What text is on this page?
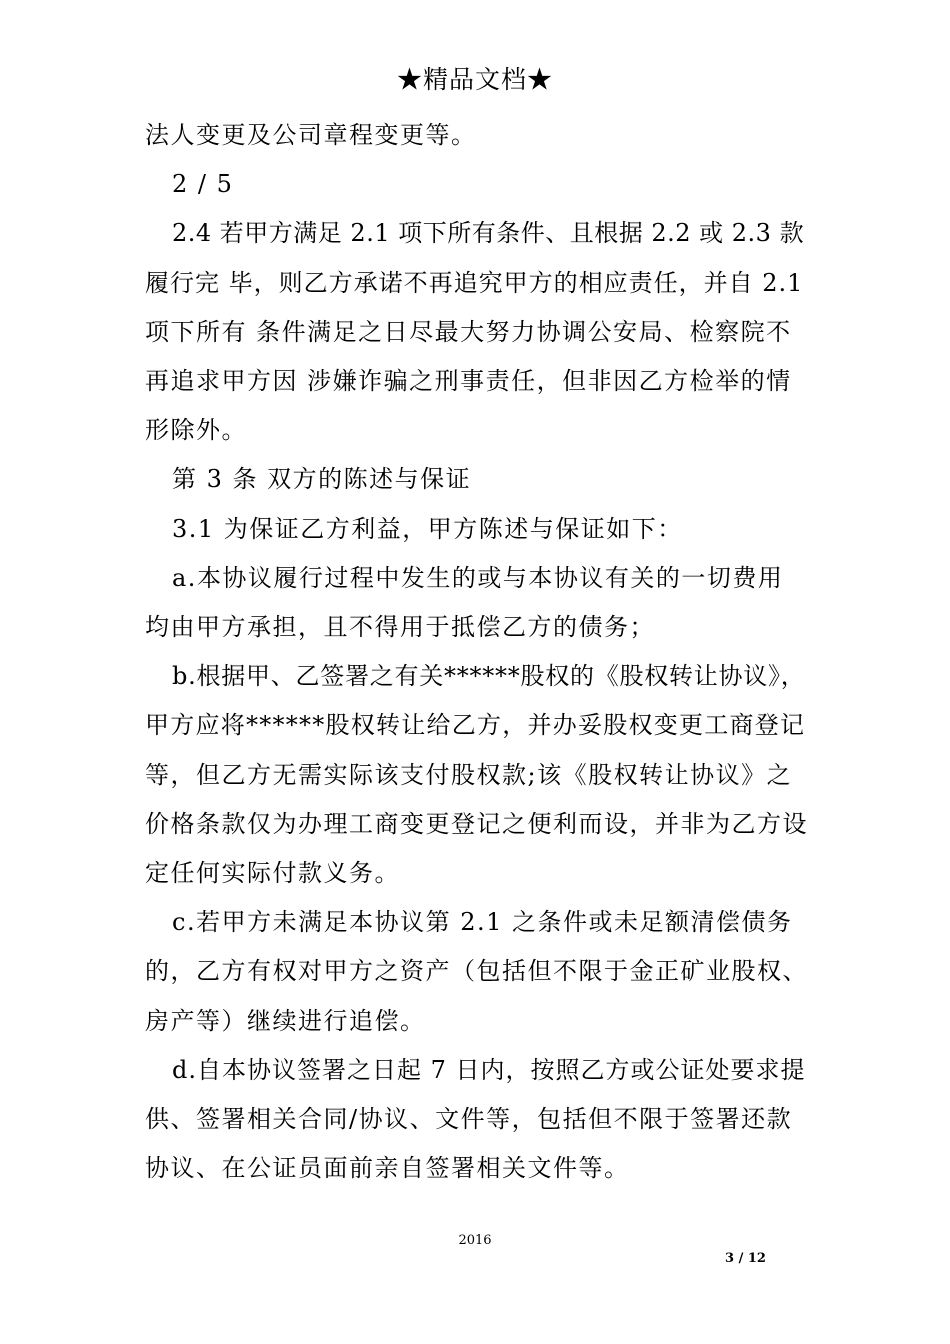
★精品文档★
法人变更及公司章程变更等。
2 / 5
2.4 若甲方满足 2.1 项下所有条件、且根据 2.2 或 2.3 款
履行完 毕，则乙方承诺不再追究甲方的相应责任，并自 2.1
项下所有 条件满足之日尽最大努力协调公安局、检察院不
再追求甲方因 涉嫌诈骗之刑事责任，但非因乙方检举的情
形除外。
第 3 条 双方的陈述与保证
3.1 为保证乙方利益，甲方陈述与保证如下：
a.本协议履行过程中发生的或与本协议有关的一切费用
均由甲方承担，且不得用于抵偿乙方的债务；
b.根据甲、乙签署之有关******股权的《股权转让协议》，
甲方应将******股权转让给乙方，并办妥股权变更工商登记
等，但乙方无需实际该支付股权款;该《股权转让协议》之
价格条款仅为办理工商变更登记之便利而设，并非为乙方设
定任何实际付款义务。
c.若甲方未满足本协议第 2.1 之条件或未足额清偿债务
的，乙方有权对甲方之资产（包括但不限于金正矿业股权、
房产等）继续进行追偿。
d.自本协议签署之日起 7 日内，按照乙方或公证处要求提
供、签署相关合同/协议、文件等，包括但不限于签署还款
协议、在公证员面前亲自签署相关文件等。
2016
3 / 12
